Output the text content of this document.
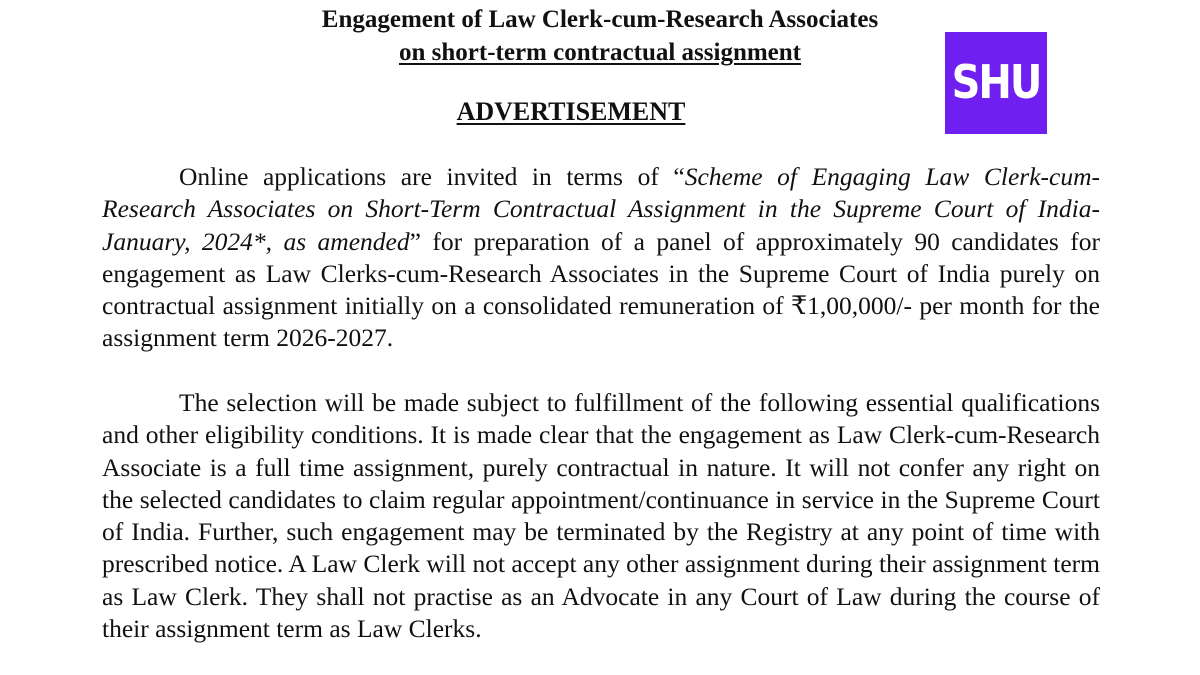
Engagement of Law Clerk-cum-Research Associates
on short-term contractual assignment
ADVERTISEMENT
SHU

Online applications are invited in terms of “Scheme of Engaging Law Clerk-cum-Research Associates on Short-Term Contractual Assignment in the Supreme Court of India-January, 2024*, as amended” for preparation of a panel of approximately 90 candidates for engagement as Law Clerks-cum-Research Associates in the Supreme Court of India purely on contractual assignment initially on a consolidated remuneration of ₹1,00,000/- per month for the assignment term 2026-2027.

The selection will be made subject to fulfillment of the following essential qualifications and other eligibility conditions. It is made clear that the engagement as Law Clerk-cum-Research Associate is a full time assignment, purely contractual in nature. It will not confer any right on the selected candidates to claim regular appointment/continuance in service in the Supreme Court of India. Further, such engagement may be terminated by the Registry at any point of time with prescribed notice. A Law Clerk will not accept any other assignment during their assignment term as Law Clerk. They shall not practise as an Advocate in any Court of Law during the course of their assignment term as Law Clerks.
